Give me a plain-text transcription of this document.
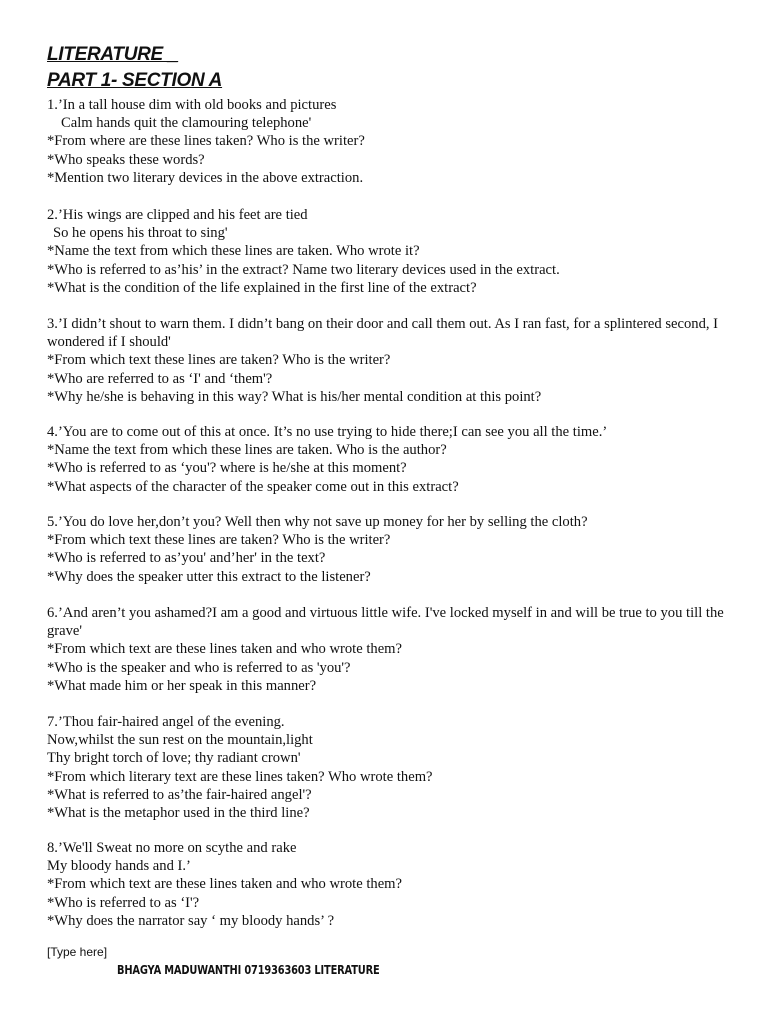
LITERATURE _
PART 1- SECTION A
1.’In a tall house dim with old books and pictures
Calm hands quit the clamouring telephone'
*From where are these lines taken? Who is the writer?
*Who speaks these words?
*Mention two literary devices in the above extraction.
2.’His wings are clipped and his feet are tied
So he opens his throat to sing'
*Name the text from which these lines are taken. Who wrote it?
*Who is referred to as’his’ in the extract? Name two literary devices used in the extract.
*What is the condition of the life explained in the first line of the extract?
3.’I didn’t shout to warn them. I didn’t bang on their door and call them out. As I ran fast, for a splintered second, I wondered if I should'
*From which text these lines are taken? Who is the writer?
*Who are referred to as ‘I' and ‘them'?
*Why he/she is behaving in this way? What is his/her mental condition at this point?
4.’You are to come out of this at once. It’s no use trying to hide there;I can see you all the time.’
*Name the text from which these lines are taken. Who is the author?
*Who is referred to as ‘you'? where is he/she at this moment?
*What aspects of the character of the speaker come out in this extract?
5.’You do love her,don’t you? Well then why not save up money for her by selling the cloth?
*From which text these lines are taken? Who is the writer?
*Who is referred to as’you' and’her' in the text?
*Why does the speaker utter this extract to the listener?
6.’And aren’t you ashamed?I am a good and virtuous little wife. I've locked myself in and will be true to you till the grave'
*From which text are these lines taken and who wrote them?
*Who is the speaker and who is referred to as 'you'?
*What made him or her speak in this manner?
7.’Thou fair-haired angel of the evening.
Now,whilst the sun rest on the mountain,light
Thy bright torch of love; thy radiant crown'
*From which literary text are these lines taken? Who wrote them?
*What is referred to as’the fair-haired angel'?
*What is the metaphor used in the third line?
8.’We'll Sweat no more on scythe and rake
My bloody hands and I.’
*From which text are these lines taken and who wrote them?
*Who is referred to as ‘I'?
*Why does the narrator say ‘ my bloody hands’ ?
[Type here]
BHAGYA MADUWANTHI 0719363603 LITERATURE
